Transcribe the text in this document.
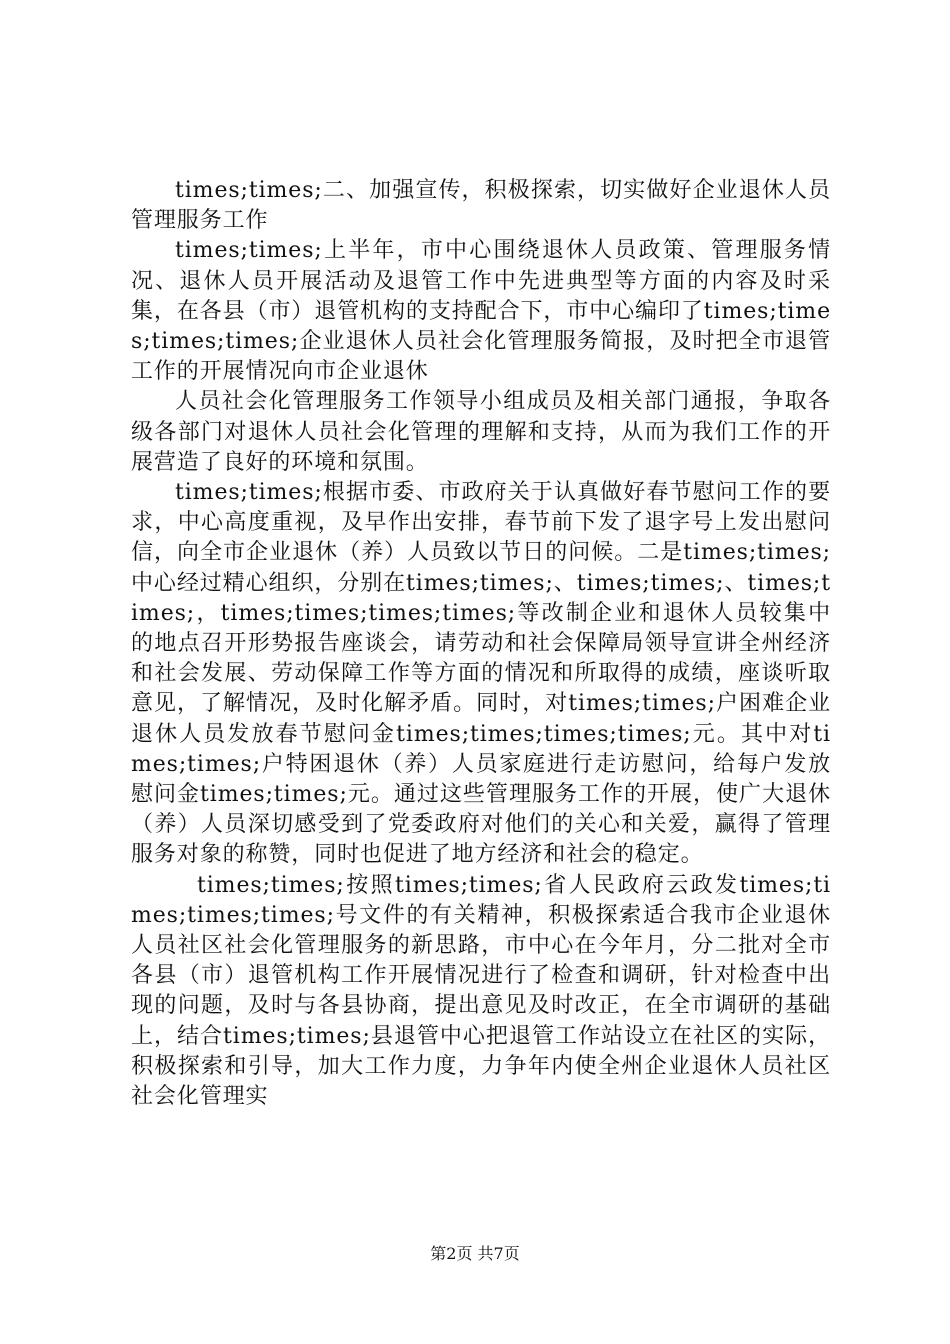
times;times;二、加强宣传，积极探索，切实做好企业退休人员管理服务工作

times;times;上半年，市中心围绕退休人员政策、管理服务情况、退休人员开展活动及退管工作中先进典型等方面的内容及时采集，在各县（市）退管机构的支持配合下，市中心编印了times;times;times;times;企业退休人员社会化管理服务简报，及时把全市退管工作的开展情况向市企业退休

人员社会化管理服务工作领导小组成员及相关部门通报，争取各级各部门对退休人员社会化管理的理解和支持，从而为我们工作的开展营造了良好的环境和氛围。

times;times;根据市委、市政府关于认真做好春节慰问工作的要求，中心高度重视，及早作出安排，春节前下发了退字号上发出慰问信，向全市企业退休（养）人员致以节日的问候。二是times;times;中心经过精心组织，分别在times;times;、times;times;、times;times;，times;times;times;times;等改制企业和退休人员较集中的地点召开形势报告座谈会，请劳动和社会保障局领导宣讲全州经济和社会发展、劳动保障工作等方面的情况和所取得的成绩，座谈听取意见，了解情况，及时化解矛盾。同时，对times;times;户困难企业退休人员发放春节慰问金times;times;times;times;元。其中对times;times;户特困退休（养）人员家庭进行走访慰问，给每户发放慰问金times;times;元。通过这些管理服务工作的开展，使广大退休（养）人员深切感受到了党委政府对他们的关心和关爱，赢得了管理服务对象的称赞，同时也促进了地方经济和社会的稳定。

times;times;按照times;times;省人民政府云政发times;times;times;times;号文件的有关精神，积极探索适合我市企业退休人员社区社会化管理服务的新思路，市中心在今年月，分二批对全市各县（市）退管机构工作开展情况进行了检查和调研，针对检查中出现的问题，及时与各县协商，提出意见及时改正，在全市调研的基础上，结合times;times;县退管中心把退管工作站设立在社区的实际，积极探索和引导，加大工作力度，力争年内使全州企业退休人员社区社会化管理实

第2页 共7页
